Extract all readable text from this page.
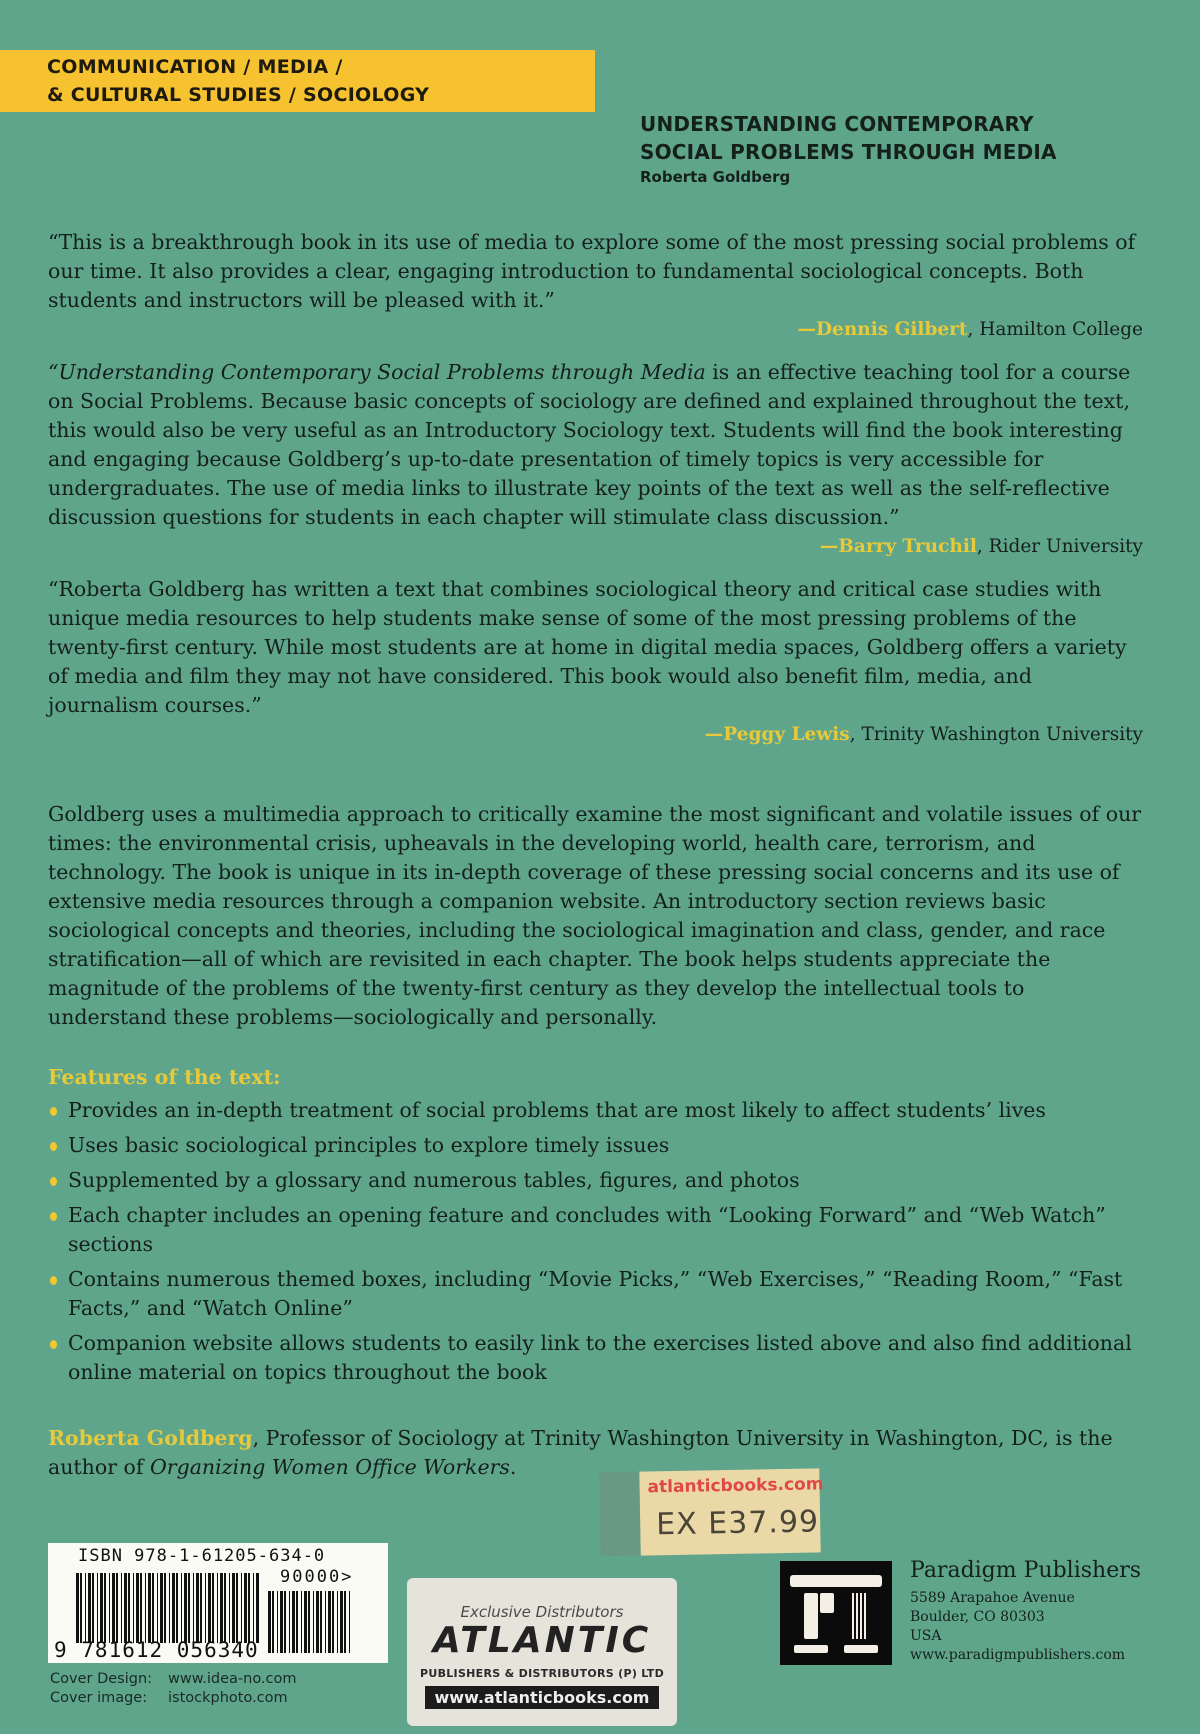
COMMUNICATION / MEDIA /
& CULTURAL STUDIES / SOCIOLOGY
UNDERSTANDING CONTEMPORARY
SOCIAL PROBLEMS THROUGH MEDIA
Roberta Goldberg

“This is a breakthrough book in its use of media to explore some of the most pressing social problems of our time. It also provides a clear, engaging introduction to fundamental sociological concepts. Both students and instructors will be pleased with it.”

—Dennis Gilbert, Hamilton College

“Understanding Contemporary Social Problems through Media is an effective teaching tool for a course on Social Problems. Because basic concepts of sociology are defined and explained throughout the text, this would also be very useful as an Introductory Sociology text. Students will find the book interesting and engaging because Goldberg’s up-to-date presentation of timely topics is very accessible for undergraduates. The use of media links to illustrate key points of the text as well as the self-reflective discussion questions for students in each chapter will stimulate class discussion.”

—Barry Truchil, Rider University

“Roberta Goldberg has written a text that combines sociological theory and critical case studies with unique media resources to help students make sense of some of the most pressing problems of the twenty-first century. While most students are at home in digital media spaces, Goldberg offers a variety of media and film they may not have considered. This book would also benefit film, media, and journalism courses.”

—Peggy Lewis, Trinity Washington University

Goldberg uses a multimedia approach to critically examine the most significant and volatile issues of our times: the environmental crisis, upheavals in the developing world, health care, terrorism, and technology. The book is unique in its in-depth coverage of these pressing social concerns and its use of extensive media resources through a companion website. An introductory section reviews basic sociological concepts and theories, including the sociological imagination and class, gender, and race stratification—all of which are revisited in each chapter. The book helps students appreciate the magnitude of the problems of the twenty-first century as they develop the intellectual tools to understand these problems—sociologically and personally.
Features of the text:
Provides an in-depth treatment of social problems that are most likely to affect students’ lives
Uses basic sociological principles to explore timely issues
Supplemented by a glossary and numerous tables, figures, and photos
Each chapter includes an opening feature and concludes with “Looking Forward” and “Web Watch” sections
Contains numerous themed boxes, including “Movie Picks,” “Web Exercises,” “Reading Room,” “Fast Facts,” and “Watch Online”
Companion website allows students to easily link to the exercises listed above and also find additional online material on topics throughout the book
Roberta Goldberg, Professor of Sociology at Trinity Washington University in Washington, DC, is the author of Organizing Women Office Workers.
atlanticbooks.com
EX E37.99
ISBN 978-1-61205-634-0
90000>
9 781612 056340
Cover Design:	www.idea-no.com
Cover image:	istockphoto.com
Exclusive Distributors
ATLANTIC
PUBLISHERS & DISTRIBUTORS (P) LTD
www.atlanticbooks.com
Paradigm Publishers
5589 Arapahoe Avenue
Boulder, CO 80303
USA
www.paradigmpublishers.com
